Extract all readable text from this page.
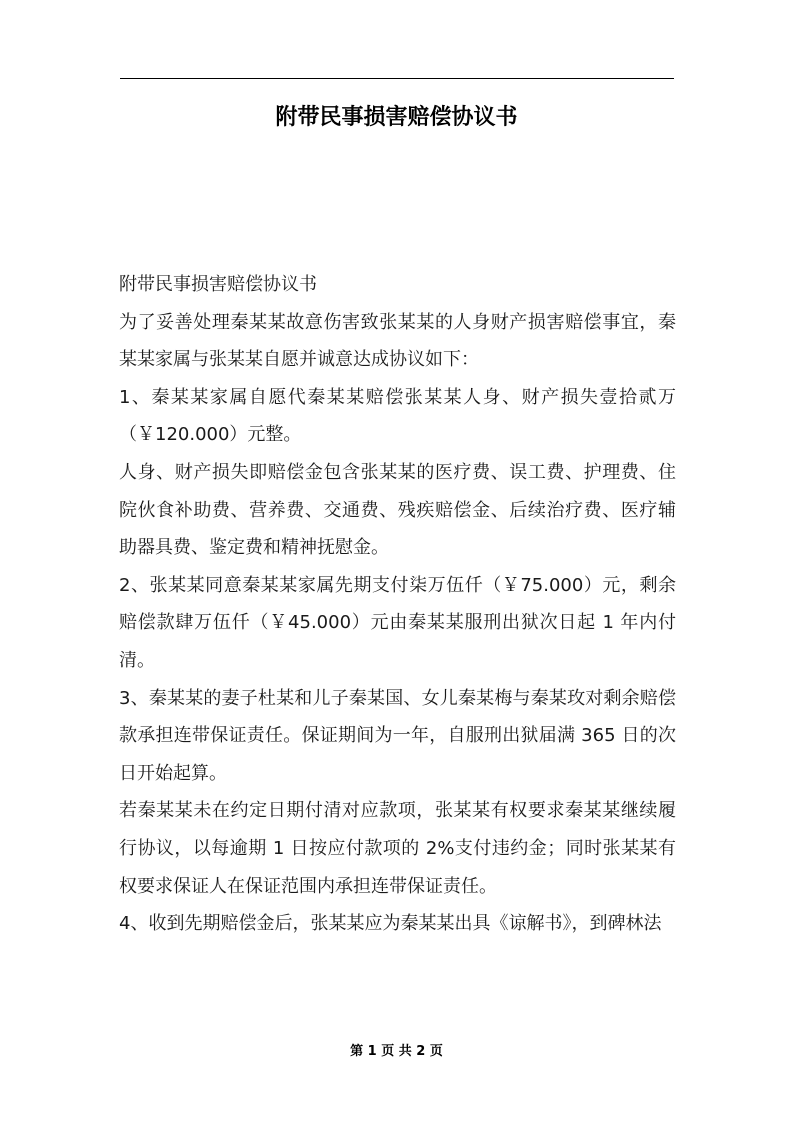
附带民事损害赔偿协议书

附带民事损害赔偿协议书

为了妥善处理秦某某故意伤害致张某某的人身财产损害赔偿事宜，秦某某家属与张某某自愿并诚意达成协议如下：

1、秦某某家属自愿代秦某某赔偿张某某人身、财产损失壹拾贰万（￥120.000）元整。

人身、财产损失即赔偿金包含张某某的医疗费、误工费、护理费、住院伙食补助费、营养费、交通费、残疾赔偿金、后续治疗费、医疗辅助器具费、鉴定费和精神抚慰金。

2、张某某同意秦某某家属先期支付柒万伍仟（￥75.000）元，剩余赔偿款肆万伍仟（￥45.000）元由秦某某服刑出狱次日起 1 年内付清。

3、秦某某的妻子杜某和儿子秦某国、女儿秦某梅与秦某玫对剩余赔偿款承担连带保证责任。保证期间为一年，自服刑出狱届满 365 日的次日开始起算。

若秦某某未在约定日期付清对应款项，张某某有权要求秦某某继续履行协议，以每逾期 1 日按应付款项的 2%支付违约金；同时张某某有权要求保证人在保证范围内承担连带保证责任。

4、收到先期赔偿金后，张某某应为秦某某出具《谅解书》，到碑林法

第 1 页 共 2 页
